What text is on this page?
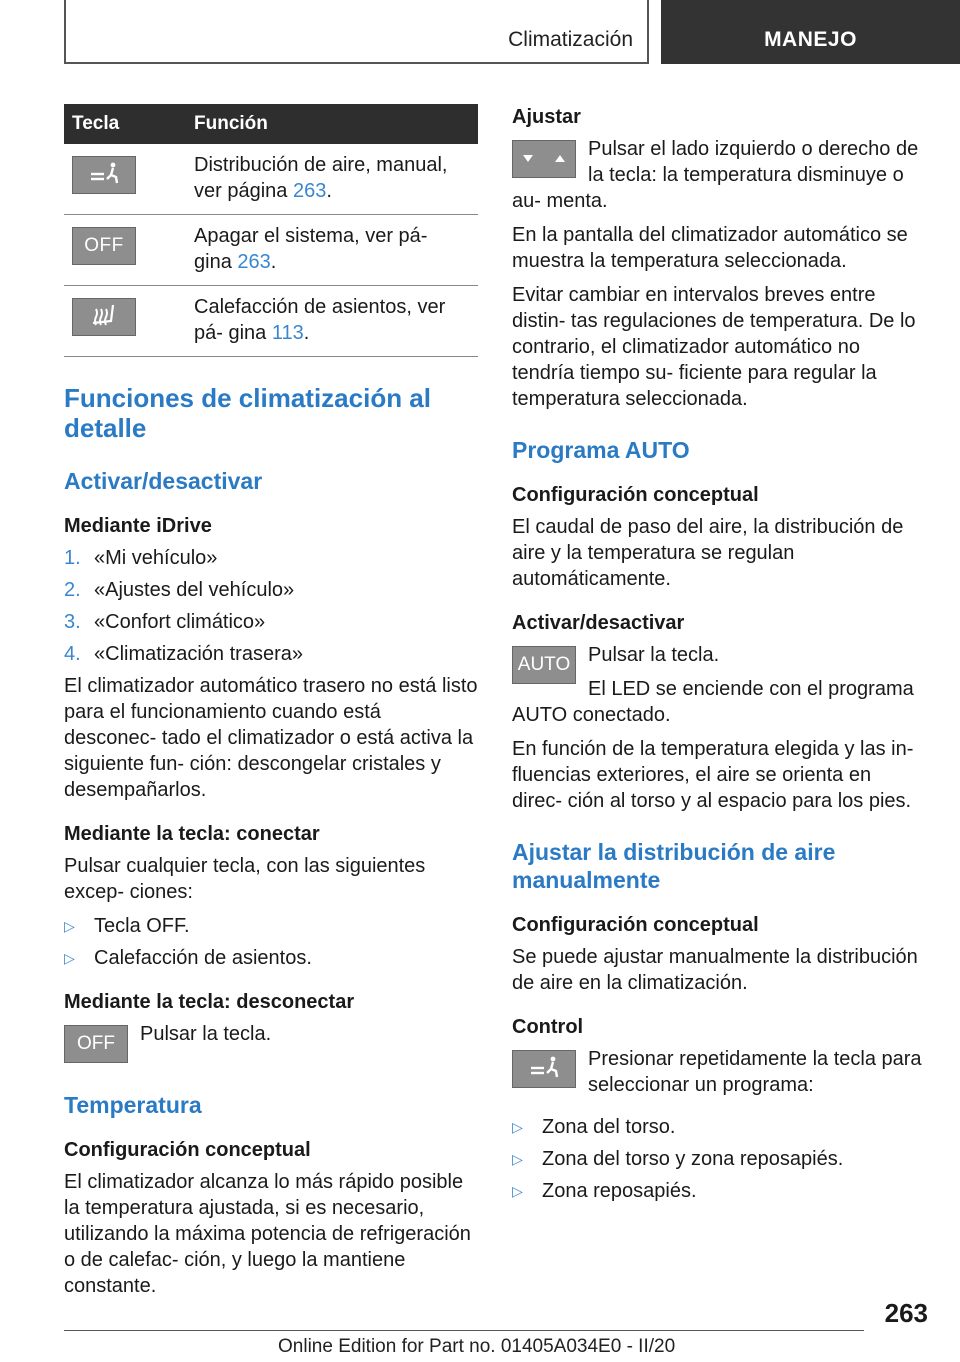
Climatización	MANEJO
Tecla	Función

	Distribución de aire, manual, ver página 263.

OFF	Apagar el sistema, ver pá- gina 263.

	Calefacción de asientos, ver pá- gina 113.
Funciones de climatización al detalle
Activar/desactivar
Mediante iDrive
1. «Mi vehículo»
2. «Ajustes del vehículo»
3. «Confort climático»
4. «Climatización trasera»

El climatizador automático trasero no está listo para el funcionamiento cuando está desconec- tado el climatizador o está activa la siguiente fun- ción: descongelar cristales y desempañarlos.

Mediante la tecla: conectar

Pulsar cualquier tecla, con las siguientes excep- ciones:

▷ Tecla OFF.
▷ Calefacción de asientos.
Mediante la tecla: desconectar
OFF	Pulsar la tecla.

Temperatura
Configuración conceptual

El climatizador alcanza lo más rápido posible la temperatura ajustada, si es necesario, utilizando la máxima potencia de refrigeración o de calefac- ción, y luego la mantiene constante.

Ajustar

Pulsar el lado izquierdo o derecho de la tecla: la temperatura disminuye o au- menta.

En la pantalla del climatizador automático se muestra la temperatura seleccionada.

Evitar cambiar en intervalos breves entre distin- tas regulaciones de temperatura. De lo contrario, el climatizador automático no tendría tiempo su- ficiente para regular la temperatura seleccionada.

Programa AUTO
Configuración conceptual

El caudal de paso del aire, la distribución de aire y la temperatura se regulan automáticamente.

Activar/desactivar
AUTO Pulsar la tecla.

El LED se enciende con el programa AUTO conectado.

En función de la temperatura elegida y las in- fluencias exteriores, el aire se orienta en direc- ción al torso y al espacio para los pies.

Ajustar la distribución de aire manualmente
Configuración conceptual

Se puede ajustar manualmente la distribución de aire en la climatización.

Control

Presionar repetidamente la tecla para seleccionar un programa:

▷ Zona del torso.
▷ Zona del torso y zona reposapiés.
▷ Zona reposapiés.
263
Online Edition for Part no. 01405A034E0 - II/20
